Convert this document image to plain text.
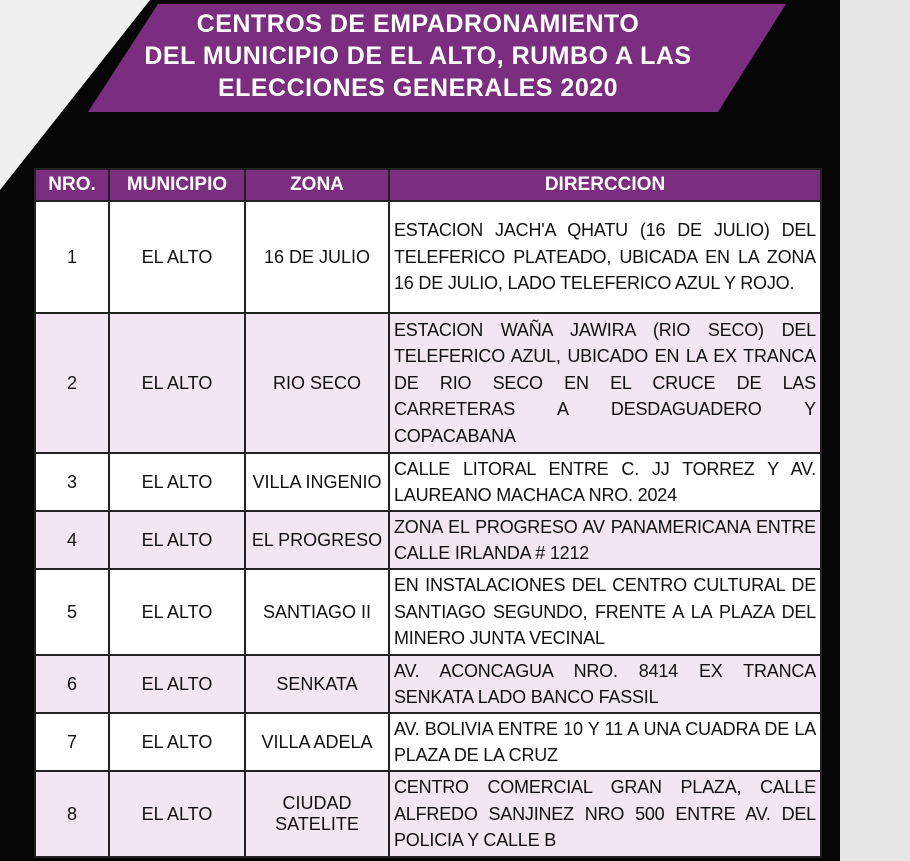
CENTROS DE EMPADRONAMIENTO
DEL MUNICIPIO DE EL ALTO, RUMBO A LAS
ELECCIONES GENERALES 2020
NRO.	MUNICIPIO	ZONA	DIRERCCION
1	EL ALTO	16 DE JULIO	ESTACION JACH'A QHATU (16 DE JULIO) DEL TELEFERICO PLATEADO, UBICADA EN LA ZONA 16 DE JULIO, LADO TELEFERICO AZUL Y ROJO.
2	EL ALTO	RIO SECO	ESTACION WAÑA JAWIRA (RIO SECO) DEL TELEFERICO AZUL, UBICADO EN LA EX TRANCA DE RIO SECO EN EL CRUCE DE LAS CARRETERAS A DESDAGUADERO Y COPACABANA
3	EL ALTO	VILLA INGENIO	CALLE LITORAL ENTRE C. JJ TORREZ Y AV. LAUREANO MACHACA NRO. 2024
4	EL ALTO	EL PROGRESO	ZONA EL PROGRESO AV PANAMERICANA ENTRE CALLE IRLANDA # 1212
5	EL ALTO	SANTIAGO II	EN INSTALACIONES DEL CENTRO CULTURAL DE SANTIAGO SEGUNDO, FRENTE A LA PLAZA DEL MINERO JUNTA VECINAL
6	EL ALTO	SENKATA	AV. ACONCAGUA NRO. 8414 EX TRANCA SENKATA LADO BANCO FASSIL
7	EL ALTO	VILLA ADELA	AV. BOLIVIA ENTRE 10 Y 11 A UNA CUADRA DE LA PLAZA DE LA CRUZ
8	EL ALTO	CIUDAD SATELITE	CENTRO COMERCIAL GRAN PLAZA, CALLE ALFREDO SANJINEZ NRO 500 ENTRE AV. DEL POLICIA Y CALLE B
